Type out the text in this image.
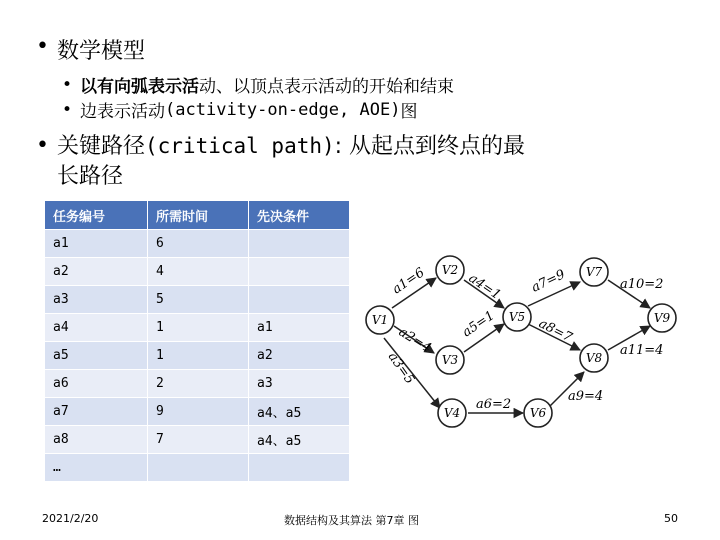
• 数学模型
• 以有向弧表示活 动、以顶点表示活动的开始和结束
• 边表示活动 (activity-on-edge, AOE) 图
• 关键路径(critical path): 从起点到终点的最
长路径
任务编号	所需时间	先决条件
a1	6	
a2	4	
a3	5	
a4	1	a1
a5	1	a2
a6	2	a3
a7	9	a4、a5
a8	7	a4、a5
…		
V1
V2
V3
V4
V5
V6
V7
V8
V9
a1=6
a2=4
a3=5
a4=1
a5=1
a6=2
a7=9
a8=7
a9=4
a10=2
a11=4
2021/2/20	数据结构及其算法 第7章 图	50
